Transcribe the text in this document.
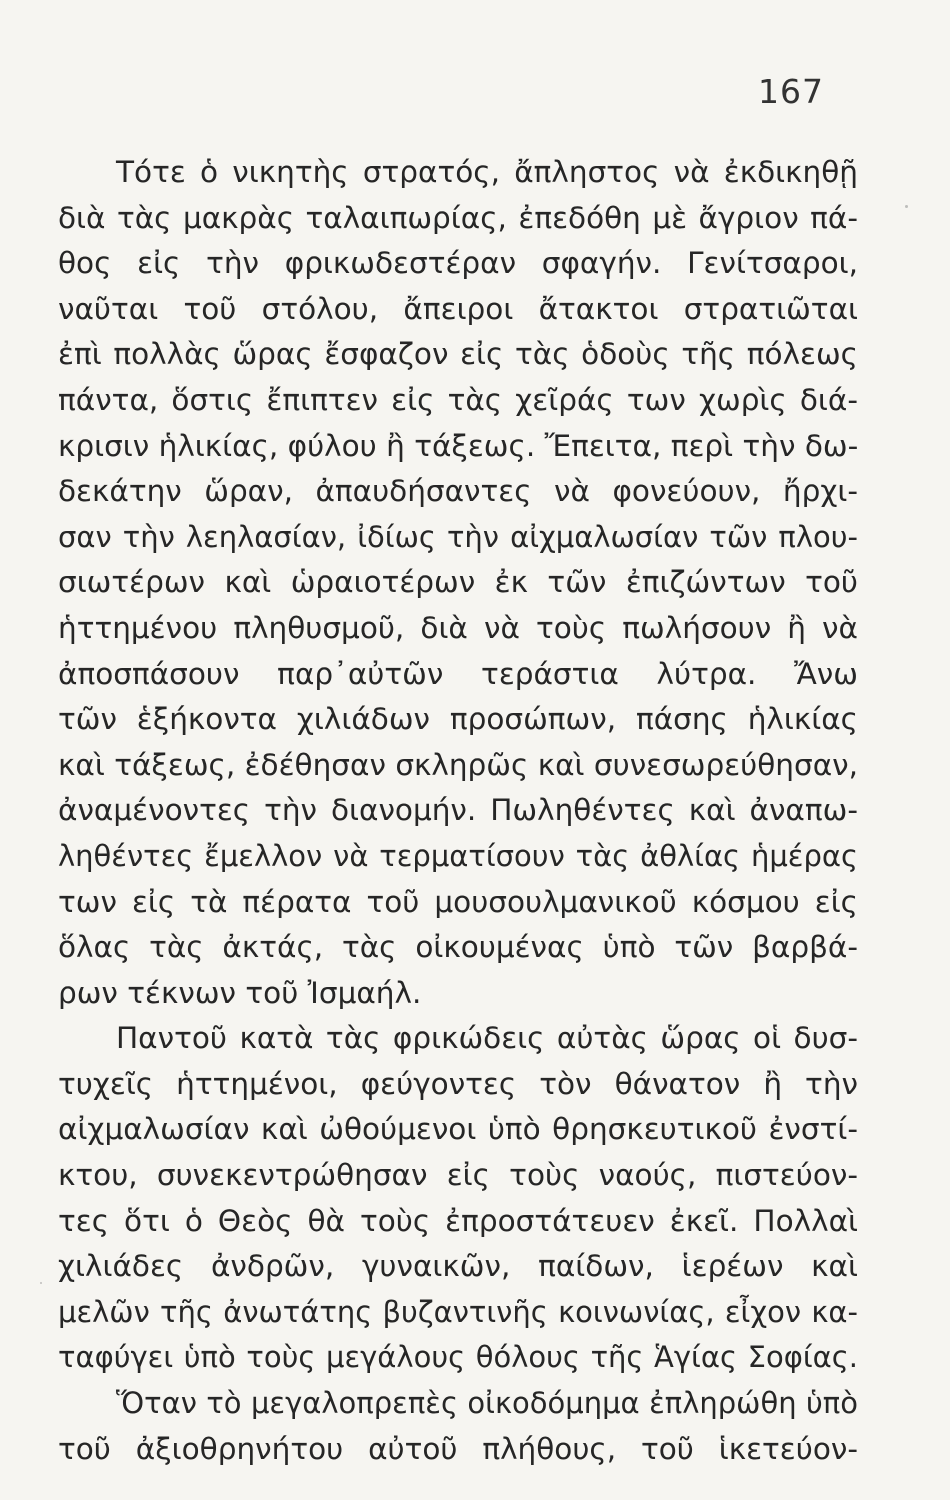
167
Τότε ὁ νικητὴς στρατός, ἄπληστος νὰ ἐκδικηθῇ
διὰ τὰς μακρὰς ταλαιπωρίας, ἐπεδόθη μὲ ἄγριον πά-
θος εἰς τὴν φρικωδεστέραν σφαγήν. Γενίτσαροι,
ναῦται τοῦ στόλου, ἄπειροι ἄτακτοι στρατιῶται
ἐπὶ πολλὰς ὥρας ἔσφαζον εἰς τὰς ὁδοὺς τῆς πόλεως
πάντα, ὅστις ἔπιπτεν εἰς τὰς χεῖράς των χωρὶς διά-
κρισιν ἡλικίας, φύλου ἢ τάξεως. Ἔπειτα, περὶ τὴν δω-
δεκάτην ὥραν, ἀπαυδήσαντες νὰ φονεύουν, ἤρχι-
σαν τὴν λεηλασίαν, ἰδίως τὴν αἰχμαλωσίαν τῶν πλου-
σιωτέρων καὶ ὡραιοτέρων ἐκ τῶν ἐπιζώντων τοῦ
ἡττημένου πληθυσμοῦ, διὰ νὰ τοὺς πωλήσουν ἢ νὰ
ἀποσπάσουν παρ᾿αὐτῶν τεράστια λύτρα. Ἄνω
τῶν ἑξήκοντα χιλιάδων προσώπων, πάσης ἡλικίας
καὶ τάξεως, ἐδέθησαν σκληρῶς καὶ συνεσωρεύθησαν,
ἀναμένοντες τὴν διανομήν. Πωληθέντες καὶ ἀναπω-
ληθέντες ἔμελλον νὰ τερματίσουν τὰς ἀθλίας ἡμέρας
των εἰς τὰ πέρατα τοῦ μουσουλμανικοῦ κόσμου εἰς
ὅλας τὰς ἀκτάς, τὰς οἰκουμένας ὑπὸ τῶν βαρβά-
ρων τέκνων τοῦ Ἰσμαήλ.
Παντοῦ κατὰ τὰς φρικώδεις αὐτὰς ὥρας οἱ δυσ-
τυχεῖς ἡττημένοι, φεύγοντες τὸν θάνατον ἢ τὴν
αἰχμαλωσίαν καὶ ὠθούμενοι ὑπὸ θρησκευτικοῦ ἐνστί-
κτου, συνεκεντρώθησαν εἰς τοὺς ναούς, πιστεύον-
τες ὅτι ὁ Θεὸς θὰ τοὺς ἐπροστάτευεν ἐκεῖ. Πολλαὶ
χιλιάδες ἀνδρῶν, γυναικῶν, παίδων, ἱερέων καὶ
μελῶν τῆς ἀνωτάτης βυζαντινῆς κοινωνίας, εἶχον κα-
ταφύγει ὑπὸ τοὺς μεγάλους θόλους τῆς Ἁγίας Σοφίας.
Ὅταν τὸ μεγαλοπρεπὲς οἰκοδόμημα ἐπληρώθη ὑπὸ
τοῦ ἀξιοθρηνήτου αὐτοῦ πλήθους, τοῦ ἱκετεύον-
